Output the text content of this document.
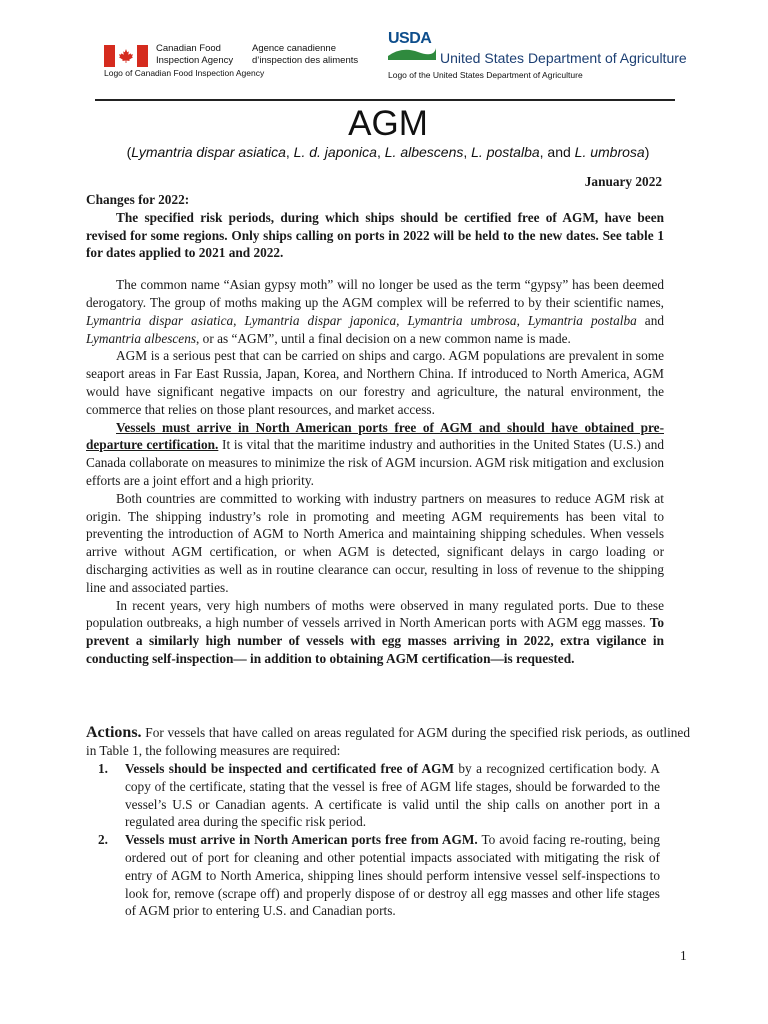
Canadian Food	Agence canadienne
Inspection Agency	d’inspection des aliments
Logo of Canadian Food Inspection Agency
USDA
United States Department of Agriculture
Logo of the United States Department of Agriculture
AGM
(Lymantria dispar asiatica, L. d. japonica, L. albescens, L. postalba, and L. umbrosa)
January 2022

Changes for 2022:

The specified risk periods, during which ships should be certified free of AGM, have been revised for some regions. Only ships calling on ports in 2022 will be held to the new dates. See table 1 for dates applied to 2021 and 2022.

The common name “Asian gypsy moth” will no longer be used as the term “gypsy” has been deemed derogatory. The group of moths making up the AGM complex will be referred to by their scientific names, Lymantria dispar asiatica, Lymantria dispar japonica, Lymantria umbrosa, Lymantria postalba and Lymantria albescens, or as “AGM”, until a final decision on a new common name is made.

AGM is a serious pest that can be carried on ships and cargo. AGM populations are prevalent in some seaport areas in Far East Russia, Japan, Korea, and Northern China. If introduced to North America, AGM would have significant negative impacts on our forestry and agriculture, the natural environment, the commerce that relies on those plant resources, and market access.

Vessels must arrive in North American ports free of AGM and should have obtained pre-departure certification. It is vital that the maritime industry and authorities in the United States (U.S.) and Canada collaborate on measures to minimize the risk of AGM incursion. AGM risk mitigation and exclusion efforts are a joint effort and a high priority.

Both countries are committed to working with industry partners on measures to reduce AGM risk at origin. The shipping industry’s role in promoting and meeting AGM requirements has been vital to preventing the introduction of AGM to North America and maintaining shipping schedules. When vessels arrive without AGM certification, or when AGM is detected, significant delays in cargo loading or discharging activities as well as in routine clearance can occur, resulting in loss of revenue to the shipping line and associated parties.

In recent years, very high numbers of moths were observed in many regulated ports. Due to these population outbreaks, a high number of vessels arrived in North American ports with AGM egg masses. To prevent a similarly high number of vessels with egg masses arriving in 2022, extra vigilance in conducting self-inspection— in addition to obtaining AGM certification—is requested.

Actions. For vessels that have called on areas regulated for AGM during the specified risk periods, as outlined in Table 1, the following measures are required:

1. Vessels should be inspected and certificated free of AGM by a recognized certification body. A copy of the certificate, stating that the vessel is free of AGM life stages, should be forwarded to the vessel’s U.S or Canadian agents. A certificate is valid until the ship calls on another port in a regulated area during the specific risk period.
2. Vessels must arrive in North American ports free from AGM. To avoid facing re-routing, being ordered out of port for cleaning and other potential impacts associated with mitigating the risk of entry of AGM to North America, shipping lines should perform intensive vessel self-inspections to look for, remove (scrape off) and properly dispose of or destroy all egg masses and other life stages of AGM prior to entering U.S. and Canadian ports.
1
